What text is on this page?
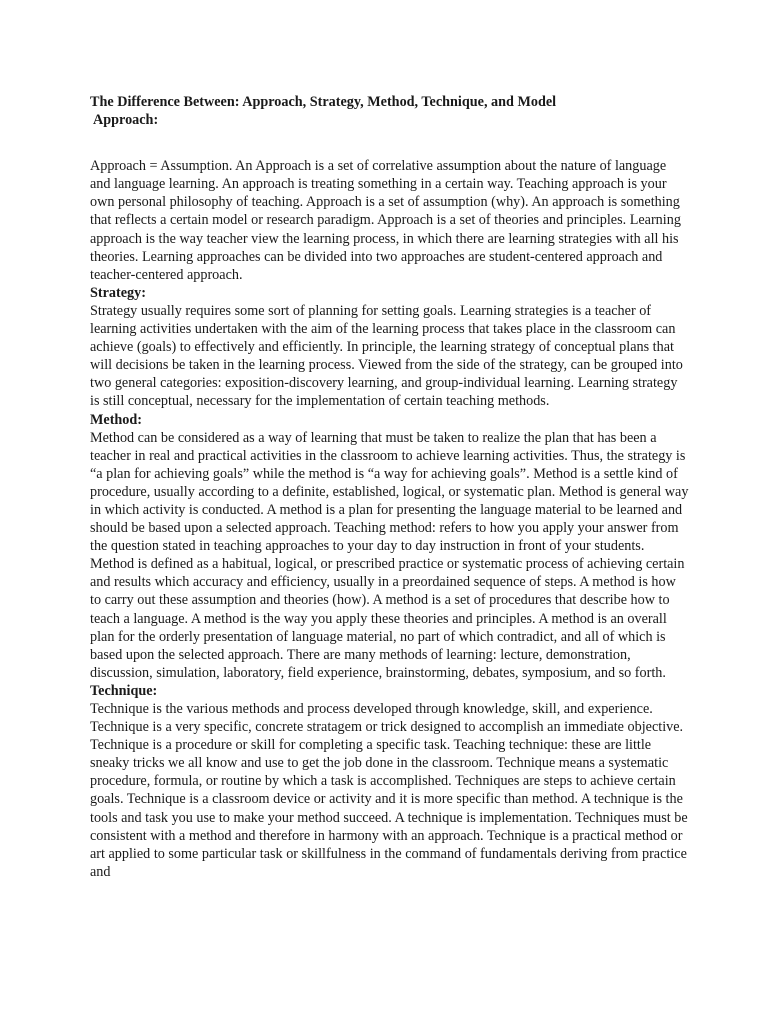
The Difference Between: Approach, Strategy, Method, Technique, and Model

Approach:

Approach = Assumption. An Approach is a set of correlative assumption about the nature of language and language learning. An approach is treating something in a certain way. Teaching approach is your own personal philosophy of teaching. Approach is a set of assumption (why). An approach is something that reflects a certain model or research paradigm. Approach is a set of theories and principles. Learning approach is the way teacher view the learning process, in which there are learning strategies with all his theories. Learning approaches can be divided into two approaches are student-centered approach and teacher-centered approach.

Strategy:

Strategy usually requires some sort of planning for setting goals. Learning strategies is a teacher of learning activities undertaken with the aim of the learning process that takes place in the classroom can achieve (goals) to effectively and efficiently. In principle, the learning strategy of conceptual plans that will decisions be taken in the learning process. Viewed from the side of the strategy, can be grouped into two general categories: exposition-discovery learning, and group-individual learning. Learning strategy is still conceptual, necessary for the implementation of certain teaching methods.

Method:

Method can be considered as a way of learning that must be taken to realize the plan that has been a teacher in real and practical activities in the classroom to achieve learning activities. Thus, the strategy is “a plan for achieving goals” while the method is “a way for achieving goals”. Method is a settle kind of procedure, usually according to a definite, established, logical, or systematic plan. Method is general way in which activity is conducted. A method is a plan for presenting the language material to be learned and should be based upon a selected approach. Teaching method: refers to how you apply your answer from the question stated in teaching approaches to your day to day instruction in front of your students. Method is defined as a habitual, logical, or prescribed practice or systematic process of achieving certain and results which accuracy and efficiency, usually in a preordained sequence of steps. A method is how to carry out these assumption and theories (how). A method is a set of procedures that describe how to teach a language. A method is the way you apply these theories and principles. A method is an overall plan for the orderly presentation of language material, no part of which contradict, and all of which is based upon the selected approach. There are many methods of learning: lecture, demonstration, discussion, simulation, laboratory, field experience, brainstorming, debates, symposium, and so forth.

Technique:

Technique is the various methods and process developed through knowledge, skill, and experience. Technique is a very specific, concrete stratagem or trick designed to accomplish an immediate objective. Technique is a procedure or skill for completing a specific task. Teaching technique: these are little sneaky tricks we all know and use to get the job done in the classroom. Technique means a systematic procedure, formula, or routine by which a task is accomplished. Techniques are steps to achieve certain goals. Technique is a classroom device or activity and it is more specific than method. A technique is the tools and task you use to make your method succeed. A technique is implementation. Techniques must be consistent with a method and therefore in harmony with an approach. Technique is a practical method or art applied to some particular task or skillfulness in the command of fundamentals deriving from practice and
